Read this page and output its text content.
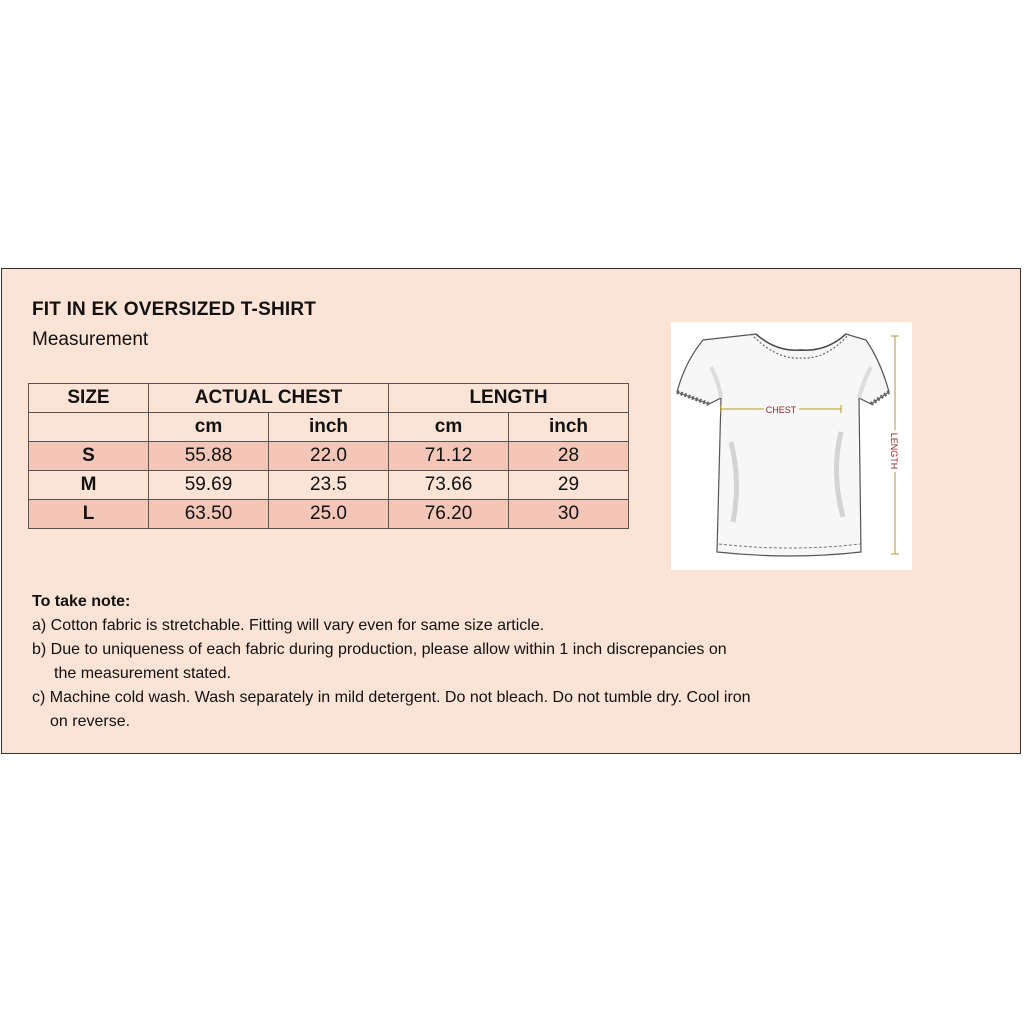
FIT IN EK OVERSIZED T-SHIRT
Measurement
SIZE	ACTUAL CHEST		LENGTH	
	cm	inch	cm	inch
S	55.88	22.0	71.12	28
M	59.69	23.5	73.66	29
L	63.50	25.0	76.20	30
CHEST
LENGTH
To take note:
a) Cotton fabric is stretchable. Fitting will vary even for same size article.
b) Due to uniqueness of each fabric during production, please allow within 1 inch discrepancies on
the measurement stated.
c) Machine cold wash. Wash separately in mild detergent. Do not bleach. Do not tumble dry. Cool iron
on reverse.
